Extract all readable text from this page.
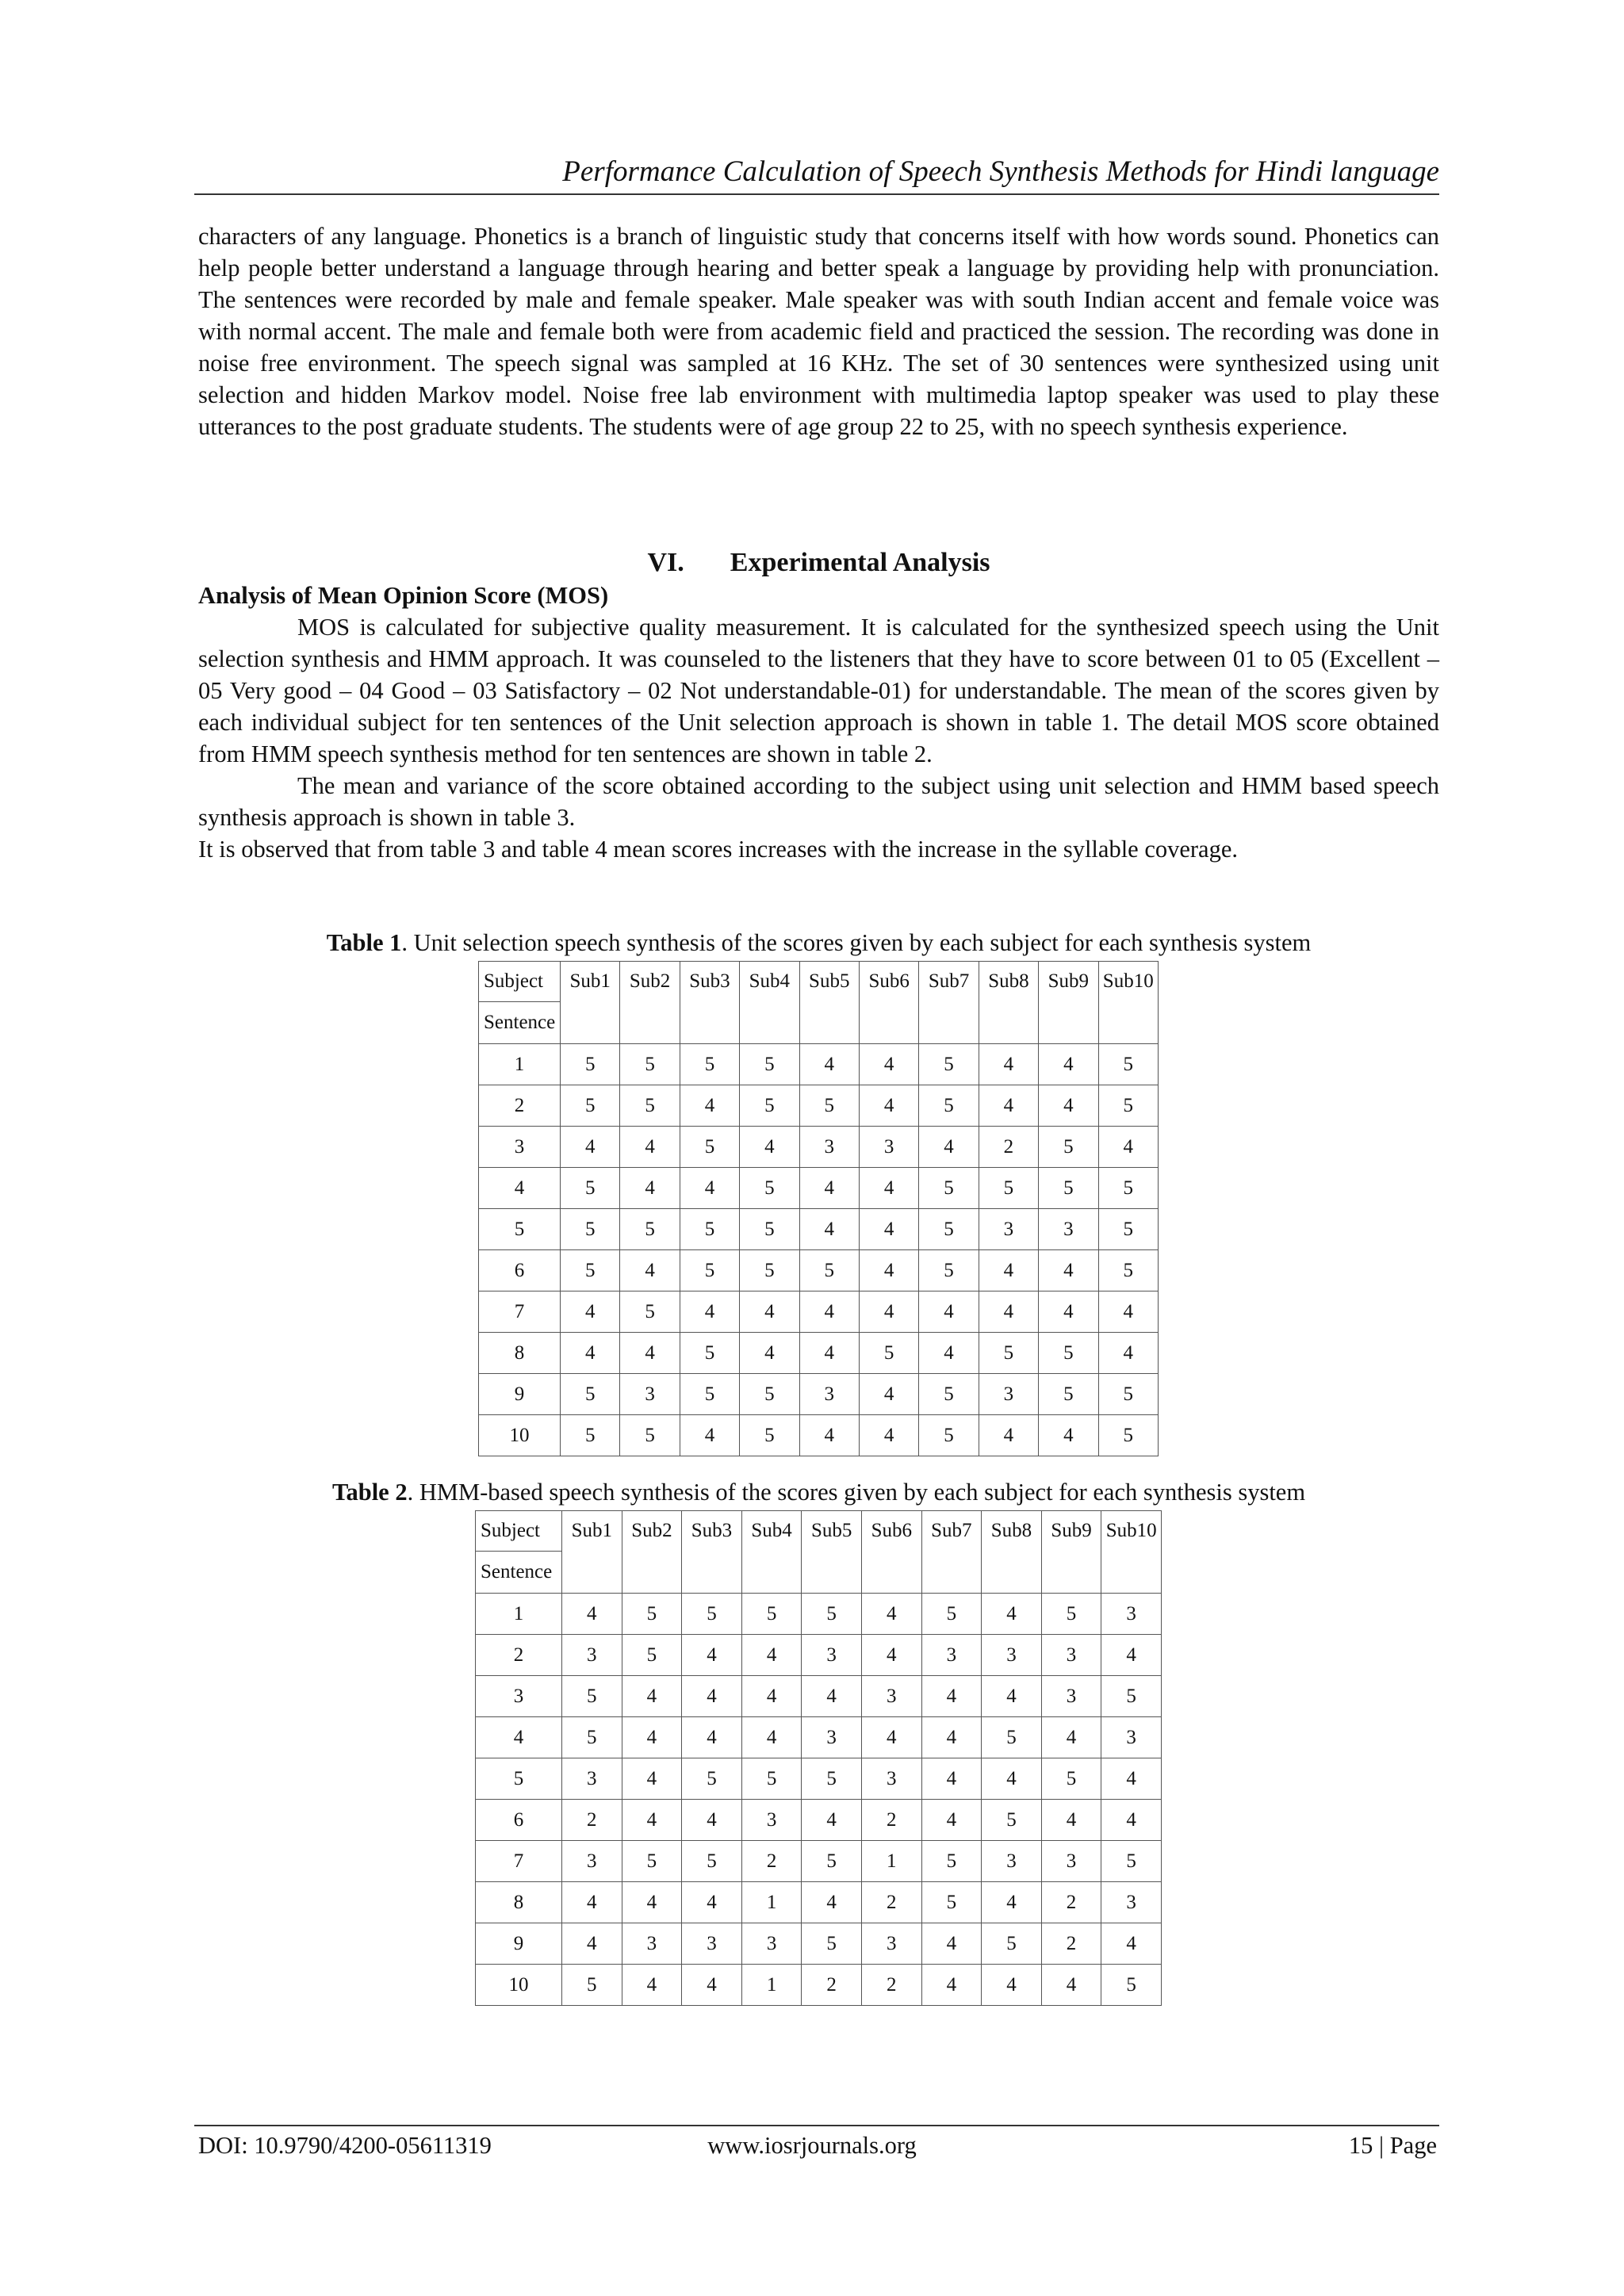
Performance Calculation of Speech Synthesis Methods for Hindi language

characters of any language. Phonetics is a branch of linguistic study that concerns itself with how words sound. Phonetics can help people better understand a language through hearing and better speak a language by providing help with pronunciation. The sentences were recorded by male and female speaker. Male speaker was with south Indian accent and female voice was with normal accent. The male and female both were from academic field and practiced the session. The recording was done in noise free environment. The speech signal was sampled at 16 KHz. The set of 30 sentences were synthesized using unit selection and hidden Markov model. Noise free lab environment with multimedia laptop speaker was used to play these utterances to the post graduate students. The students were of age group 22 to 25, with no speech synthesis experience.

VI. Experimental Analysis

Analysis of Mean Opinion Score (MOS)

MOS is calculated for subjective quality measurement. It is calculated for the synthesized speech using the Unit selection synthesis and HMM approach. It was counseled to the listeners that they have to score between 01 to 05 (Excellent – 05 Very good – 04 Good – 03 Satisfactory – 02 Not understandable-01) for understandable. The mean of the scores given by each individual subject for ten sentences of the Unit selection approach is shown in table 1. The detail MOS score obtained from HMM speech synthesis method for ten sentences are shown in table 2.

The mean and variance of the score obtained according to the subject using unit selection and HMM based speech synthesis approach is shown in table 3.

It is observed that from table 3 and table 4 mean scores increases with the increase in the syllable coverage.

Table 1. Unit selection speech synthesis of the scores given by each subject for each synthesis system
Subject	Sub1	Sub2	Sub3	Sub4	Sub5	Sub6	Sub7	Sub8	Sub9	Sub10
Sentence										
1	5	5	5	5	4	4	5	4	4	5
2	5	5	4	5	5	4	5	4	4	5
3	4	4	5	4	3	3	4	2	5	4
4	5	4	4	5	4	4	5	5	5	5
5	5	5	5	5	4	4	5	3	3	5
6	5	4	5	5	5	4	5	4	4	5
7	4	5	4	4	4	4	4	4	4	4
8	4	4	5	4	4	5	4	5	5	4
9	5	3	5	5	3	4	5	3	5	5
10	5	5	4	5	4	4	5	4	4	5
Table 2. HMM-based speech synthesis of the scores given by each subject for each synthesis system
Subject	Sub1	Sub2	Sub3	Sub4	Sub5	Sub6	Sub7	Sub8	Sub9	Sub10
Sentence										
1	4	5	5	5	5	4	5	4	5	3
2	3	5	4	4	3	4	3	3	3	4
3	5	4	4	4	4	3	4	4	3	5
4	5	4	4	4	3	4	4	5	4	3
5	3	4	5	5	5	3	4	4	5	4
6	2	4	4	3	4	2	4	5	4	4
7	3	5	5	2	5	1	5	3	3	5
8	4	4	4	1	4	2	5	4	2	3
9	4	3	3	3	5	3	4	5	2	4
10	5	4	4	1	2	2	4	4	4	5
DOI: 10.9790/4200-05611319	www.iosrjournals.org	15 | Page
